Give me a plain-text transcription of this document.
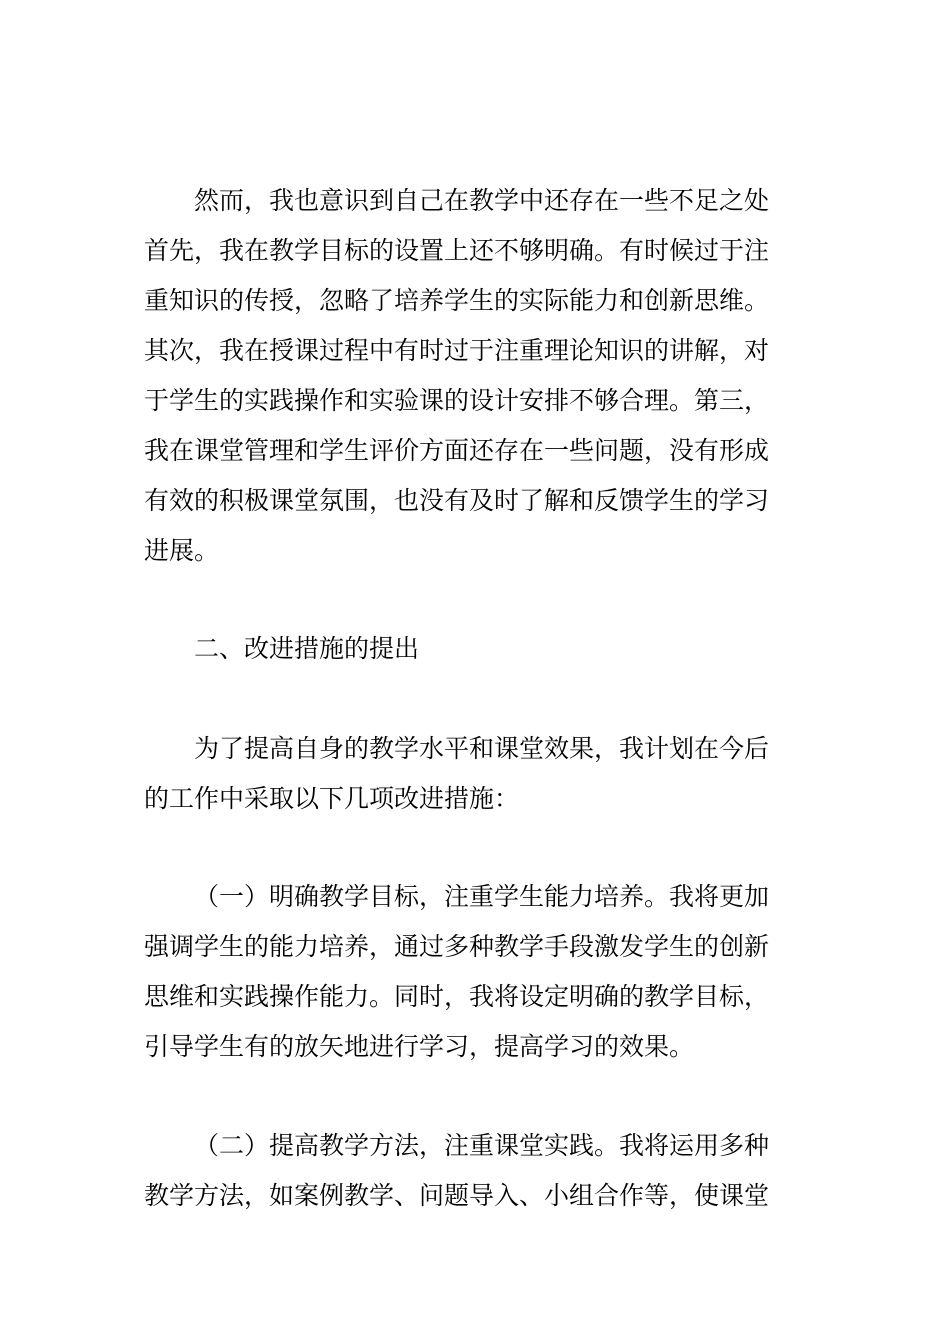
然而，我也意识到自己在教学中还存在一些不足之处
首先，我在教学目标的设置上还不够明确。有时候过于注
重知识的传授，忽略了培养学生的实际能力和创新思维。
其次，我在授课过程中有时过于注重理论知识的讲解，对
于学生的实践操作和实验课的设计安排不够合理。第三，
我在课堂管理和学生评价方面还存在一些问题，没有形成
有效的积极课堂氛围，也没有及时了解和反馈学生的学习
进展。
二、改进措施的提出
为了提高自身的教学水平和课堂效果，我计划在今后
的工作中采取以下几项改进措施：
（一）明确教学目标，注重学生能力培养。我将更加
强调学生的能力培养，通过多种教学手段激发学生的创新
思维和实践操作能力。同时，我将设定明确的教学目标，
引导学生有的放矢地进行学习，提高学习的效果。
（二）提高教学方法，注重课堂实践。我将运用多种
教学方法，如案例教学、问题导入、小组合作等，使课堂
